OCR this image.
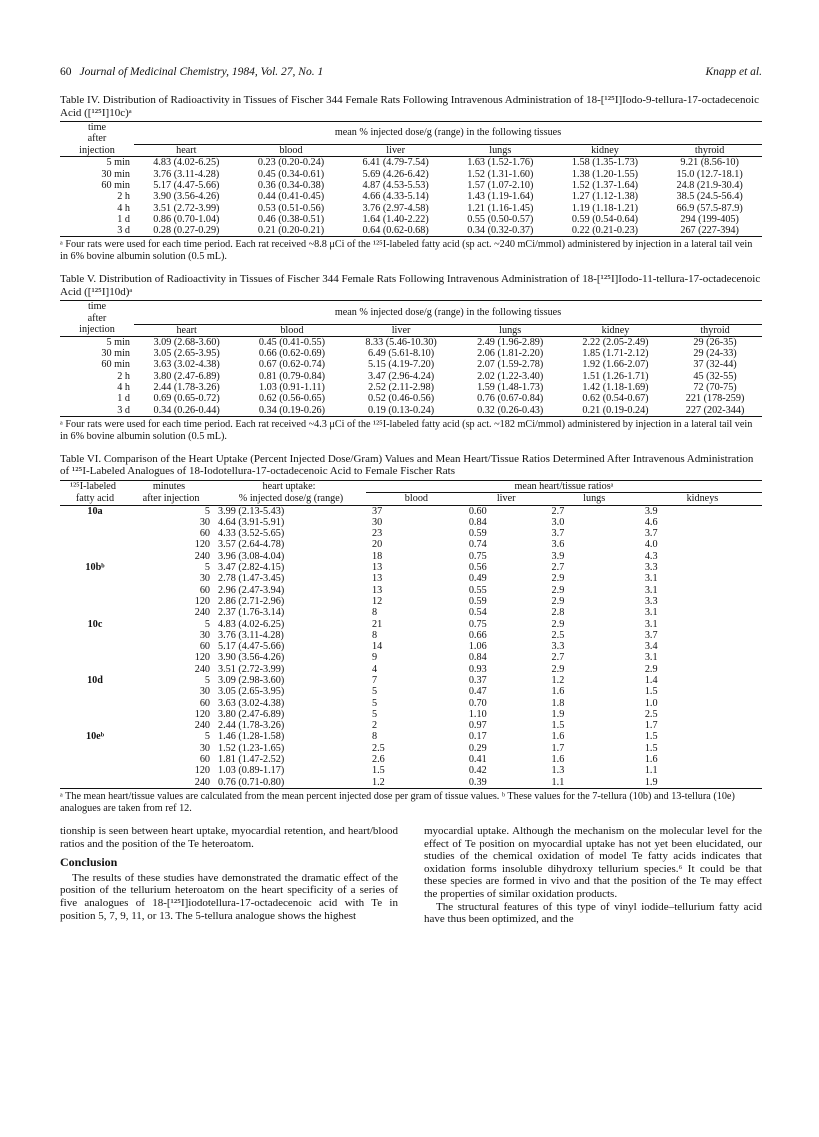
60 Journal of Medicinal Chemistry, 1984, Vol. 27, No. 1	Knapp et al.
Table IV. Distribution of Radioactivity in Tissues of Fischer 344 Female Rats Following Intravenous Administration of 18-[¹²⁵I]Iodo-9-tellura-17-octadecenoic Acid ([¹²⁵I]10c)ᵃ
time
after	mean % injected dose/g (range) in the following tissues					
injection	heart	blood	liver	lungs	kidney	thyroid
5 min	4.83 (4.02-6.25)	0.23 (0.20-0.24)	6.41 (4.79-7.54)	1.63 (1.52-1.76)	1.58 (1.35-1.73)	9.21 (8.56-10)
30 min	3.76 (3.11-4.28)	0.45 (0.34-0.61)	5.69 (4.26-6.42)	1.52 (1.31-1.60)	1.38 (1.20-1.55)	15.0 (12.7-18.1)
60 min	5.17 (4.47-5.66)	0.36 (0.34-0.38)	4.87 (4.53-5.53)	1.57 (1.07-2.10)	1.52 (1.37-1.64)	24.8 (21.9-30.4)
2 h	3.90 (3.56-4.26)	0.44 (0.41-0.45)	4.66 (4.33-5.14)	1.43 (1.19-1.64)	1.27 (1.12-1.38)	38.5 (24.5-56.4)
4 h	3.51 (2.72-3.99)	0.53 (0.51-0.56)	3.76 (2.97-4.58)	1.21 (1.16-1.45)	1.19 (1.18-1.21)	66.9 (57.5-87.9)
1 d	0.86 (0.70-1.04)	0.46 (0.38-0.51)	1.64 (1.40-2.22)	0.55 (0.50-0.57)	0.59 (0.54-0.64)	294 (199-405)
3 d	0.28 (0.27-0.29)	0.21 (0.20-0.21)	0.64 (0.62-0.68)	0.34 (0.32-0.37)	0.22 (0.21-0.23)	267 (227-394)
ᵃ Four rats were used for each time period. Each rat received ~8.8 μCi of the ¹²⁵I-labeled fatty acid (sp act. ~240 mCi/mmol) administered by injection in a lateral tail vein in 6% bovine albumin solution (0.5 mL).
Table V. Distribution of Radioactivity in Tissues of Fischer 344 Female Rats Following Intravenous Administration of 18-[¹²⁵I]Iodo-11-tellura-17-octadecenoic Acid ([¹²⁵I]10d)ᵃ
time
after	mean % injected dose/g (range) in the following tissues					
injection	heart	blood	liver	lungs	kidney	thyroid
5 min	3.09 (2.68-3.60)	0.45 (0.41-0.55)	8.33 (5.46-10.30)	2.49 (1.96-2.89)	2.22 (2.05-2.49)	29 (26-35)
30 min	3.05 (2.65-3.95)	0.66 (0.62-0.69)	6.49 (5.61-8.10)	2.06 (1.81-2.20)	1.85 (1.71-2.12)	29 (24-33)
60 min	3.63 (3.02-4.38)	0.67 (0.62-0.74)	5.15 (4.19-7.20)	2.07 (1.59-2.78)	1.92 (1.66-2.07)	37 (32-44)
2 h	3.80 (2.47-6.89)	0.81 (0.79-0.84)	3.47 (2.96-4.24)	2.02 (1.22-3.40)	1.51 (1.26-1.71)	45 (32-55)
4 h	2.44 (1.78-3.26)	1.03 (0.91-1.11)	2.52 (2.11-2.98)	1.59 (1.48-1.73)	1.42 (1.18-1.69)	72 (70-75)
1 d	0.69 (0.65-0.72)	0.62 (0.56-0.65)	0.52 (0.46-0.56)	0.76 (0.67-0.84)	0.62 (0.54-0.67)	221 (178-259)
3 d	0.34 (0.26-0.44)	0.34 (0.19-0.26)	0.19 (0.13-0.24)	0.32 (0.26-0.43)	0.21 (0.19-0.24)	227 (202-344)
ᵃ Four rats were used for each time period. Each rat received ~4.3 μCi of the ¹²⁵I-labeled fatty acid (sp act. ~182 mCi/mmol) administered by injection in a lateral tail vein in 6% bovine albumin solution (0.5 mL).
Table VI. Comparison of the Heart Uptake (Percent Injected Dose/Gram) Values and Mean Heart/Tissue Ratios Determined After Intravenous Administration of ¹²⁵I-Labeled Analogues of 18-Iodotellura-17-octadecenoic Acid to Female Fischer Rats
¹²⁵I-labeled	minutes	heart uptake:	mean heart/tissue ratiosᵃ			
fatty acid	after injection	% injected dose/g (range)	blood	liver	lungs	kidneys
10a	5	3.99 (2.13-5.43)	37	0.60	2.7	3.9
	30	4.64 (3.91-5.91)	30	0.84	3.0	4.6
	60	4.33 (3.52-5.65)	23	0.59	3.7	3.7
	120	3.57 (2.64-4.78)	20	0.74	3.6	4.0
	240	3.96 (3.08-4.04)	18	0.75	3.9	4.3
10bᵇ	5	3.47 (2.82-4.15)	13	0.56	2.7	3.3
	30	2.78 (1.47-3.45)	13	0.49	2.9	3.1
	60	2.96 (2.47-3.94)	13	0.55	2.9	3.1
	120	2.86 (2.71-2.96)	12	0.59	2.9	3.3
	240	2.37 (1.76-3.14)	8	0.54	2.8	3.1
10c	5	4.83 (4.02-6.25)	21	0.75	2.9	3.1
	30	3.76 (3.11-4.28)	8	0.66	2.5	3.7
	60	5.17 (4.47-5.66)	14	1.06	3.3	3.4
	120	3.90 (3.56-4.26)	9	0.84	2.7	3.1
	240	3.51 (2.72-3.99)	4	0.93	2.9	2.9
10d	5	3.09 (2.98-3.60)	7	0.37	1.2	1.4
	30	3.05 (2.65-3.95)	5	0.47	1.6	1.5
	60	3.63 (3.02-4.38)	5	0.70	1.8	1.0
	120	3.80 (2.47-6.89)	5	1.10	1.9	2.5
	240	2.44 (1.78-3.26)	2	0.97	1.5	1.7
10eᵇ	5	1.46 (1.28-1.58)	8	0.17	1.6	1.5
	30	1.52 (1.23-1.65)	2.5	0.29	1.7	1.5
	60	1.81 (1.47-2.52)	2.6	0.41	1.6	1.6
	120	1.03 (0.89-1.17)	1.5	0.42	1.3	1.1
	240	0.76 (0.71-0.80)	1.2	0.39	1.1	1.9
ᵃ The mean heart/tissue values are calculated from the mean percent injected dose per gram of tissue values. ᵇ These values for the 7-tellura (10b) and 13-tellura (10e) analogues are taken from ref 12.

tionship is seen between heart uptake, myocardial retention, and heart/blood ratios and the position of the Te heteroatom.

Conclusion

The results of these studies have demonstrated the dramatic effect of the position of the tellurium heteroatom on the heart specificity of a series of five analogues of 18-[¹²⁵I]iodotellura-17-octadecenoic acid with Te in position 5, 7, 9, 11, or 13. The 5-tellura analogue shows the highest

myocardial uptake. Although the mechanism on the molecular level for the effect of Te position on myocardial uptake has not yet been elucidated, our studies of the chemical oxidation of model Te fatty acids indicates that oxidation forms insoluble dihydroxy tellurium species.⁶ It could be that these species are formed in vivo and that the position of the Te may effect the properties of similar oxidation products.

The structural features of this type of vinyl iodide–tellurium fatty acid have thus been optimized, and the
